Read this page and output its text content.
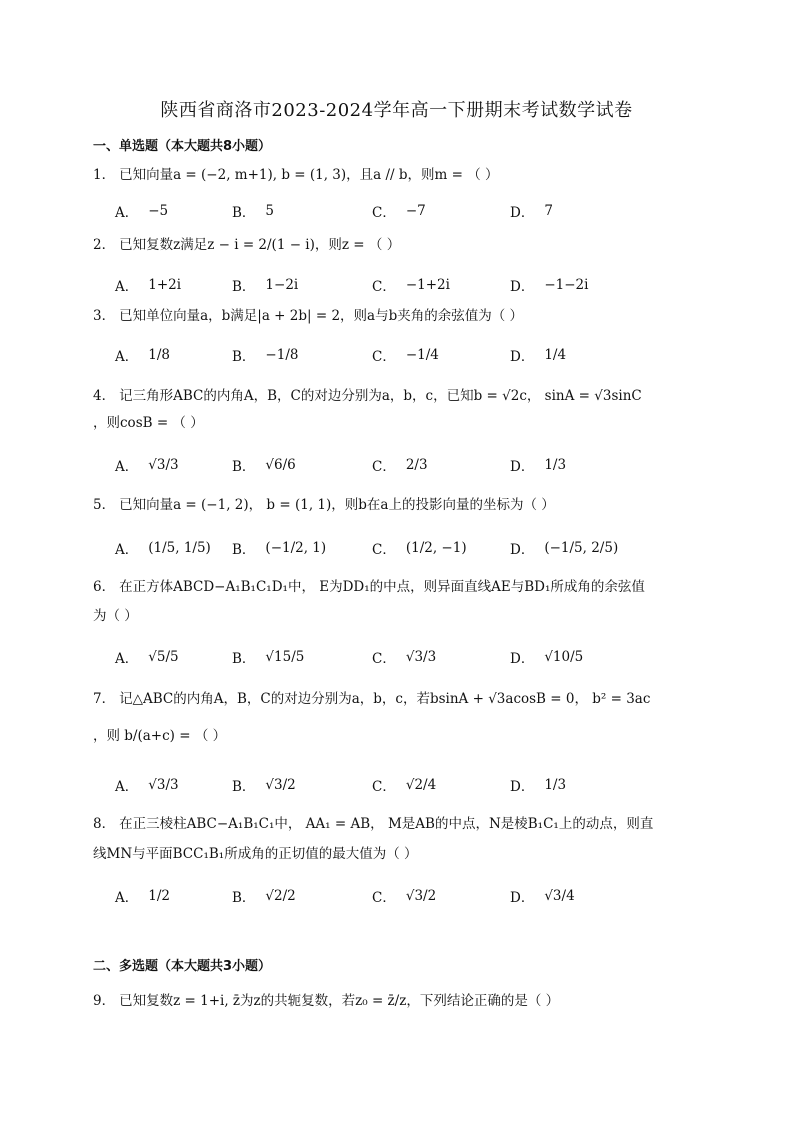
陕西省商洛市2023-2024学年高一下册期末考试数学试卷
一、单选题（本大题共8小题）
1． 已知向量a = (−2, m+1), b = (1, 3)，且a // b，则m = （ ）
A． −5	B． 5	C． −7	D． 7
2． 已知复数z满足z − i = 2/(1 − i)，则z = （ ）
A． 1+2i	B． 1−2i	C． −1+2i	D． −1−2i
3． 已知单位向量a，b满足|a + 2b| = 2，则a与b夹角的余弦值为（ ）
A． 1/8	B． −1/8	C． −1/4	D． 1/4
4． 记三角形ABC的内角A，B，C的对边分别为a，b，c，已知b = √2c， sinA = √3sinC
，则cosB = （ ）
A． √3/3	B． √6/6	C． 2/3	D． 1/3
5． 已知向量a = (−1, 2)， b = (1, 1)，则b在a上的投影向量的坐标为（ ）
A． (1/5, 1/5) B． (−1/2, 1)	C． (1/2, −1)	D． (−1/5, 2/5)
6． 在正方体ABCD−A₁B₁C₁D₁中， E为DD₁的中点，则异面直线AE与BD₁所成角的余弦值
为（ ）
A． √5/5	B． √15/5	C． √3/3	D． √10/5
7． 记△ABC的内角A，B，C的对边分别为a，b，c，若bsinA + √3acosB = 0， b² = 3ac
，则 b/(a+c) = （ ）
A． √3/3	B． √3/2	C． √2/4	D． 1/3
8． 在正三棱柱ABC−A₁B₁C₁中， AA₁ = AB， M是AB的中点，N是棱B₁C₁上的动点，则直
线MN与平面BCC₁B₁所成角的正切值的最大值为（ ）
A． 1/2	B． √2/2	C． √3/2	D． √3/4
二、多选题（本大题共3小题）
9． 已知复数z = 1+i, z̄为z的共轭复数，若z₀ = z̄/z，下列结论正确的是（ ）
